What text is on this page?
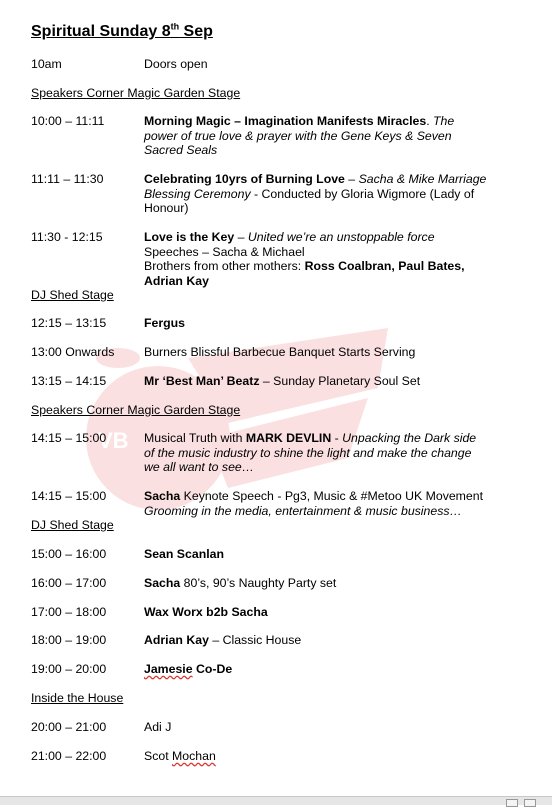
VB
Spiritual Sunday 8th Sep
10am	Doors open
Speakers Corner Magic Garden Stage
10:00 – 11:11	Morning Magic – Imagination Manifests Miracles. The power of true love & prayer with the Gene Keys & Seven Sacred Seals
11:11 – 11:30	Celebrating 10yrs of Burning Love – Sacha & Mike Marriage Blessing Ceremony - Conducted by Gloria Wigmore (Lady of Honour)
11:30 - 12:15	Love is the Key – United we’re an unstoppable force
Speeches – Sacha & Michael
Brothers from other mothers: Ross Coalbran, Paul Bates, Adrian Kay
DJ Shed Stage
12:15 – 13:15	Fergus
13:00 Onwards	Burners Blissful Barbecue Banquet Starts Serving
13:15 – 14:15	Mr ‘Best Man’ Beatz – Sunday Planetary Soul Set
Speakers Corner Magic Garden Stage
14:15 – 15:00	Musical Truth with MARK DEVLIN - Unpacking the Dark side of the music industry to shine the light and make the change we all want to see…
14:15 – 15:00	Sacha Keynote Speech - Pg3, Music & #Metoo UK Movement
Grooming in the media, entertainment & music business…
DJ Shed Stage
15:00 – 16:00	Sean Scanlan
16:00 – 17:00	Sacha 80’s, 90’s Naughty Party set
17:00 – 18:00	Wax Worx b2b Sacha
18:00 – 19:00	Adrian Kay – Classic House
19:00 – 20:00	Jamesie Co-De
Inside the House
20:00 – 21:00	Adi J
21:00 – 22:00	Scot Mochan
